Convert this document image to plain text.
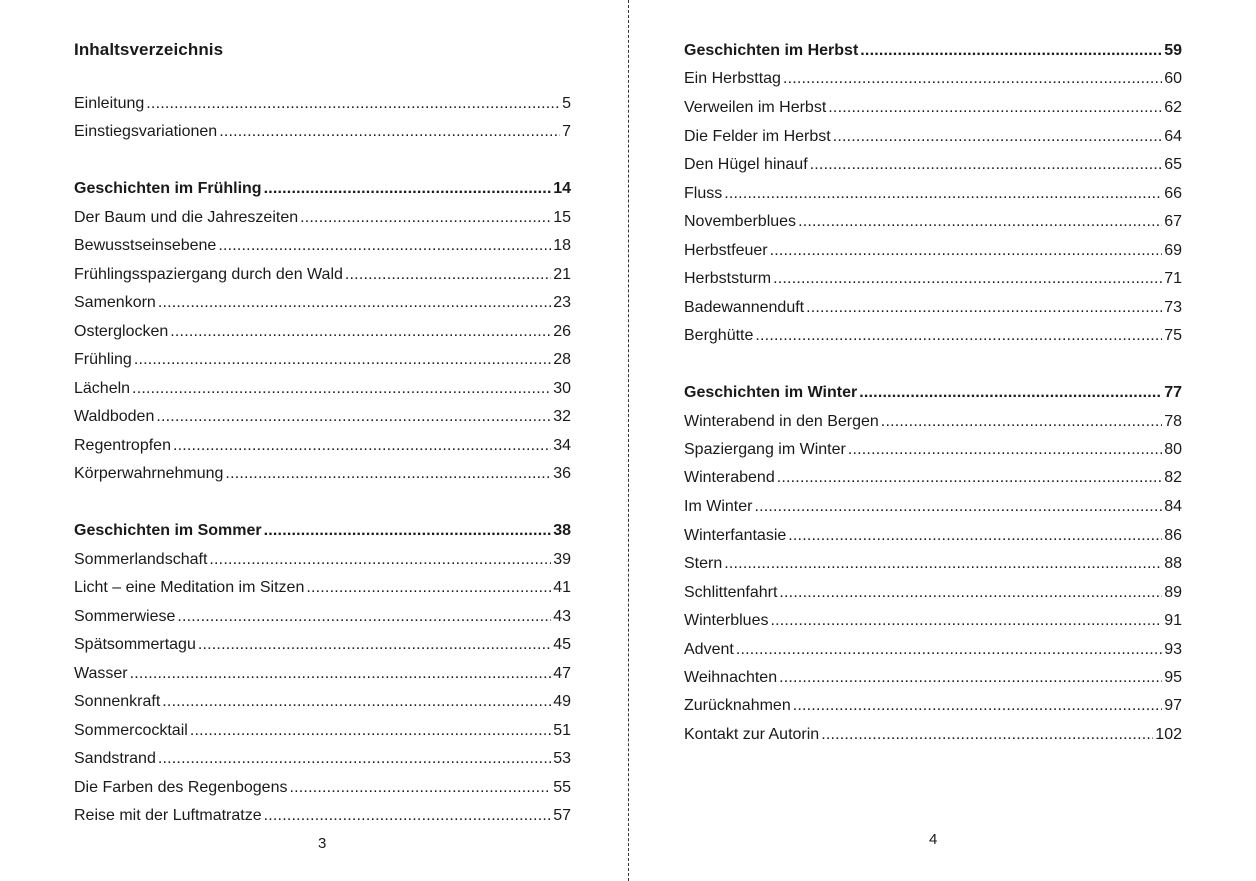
Inhaltsverzeichnis
Einleitung .....	5
Einstiegsvariationen .....	7
Geschichten im Frühling .....	14
Der Baum und die Jahreszeiten .....	15
Bewusstseinsebene .....	18
Frühlingsspaziergang durch den Wald .....	21
Samenkorn .....	23
Osterglocken .....	26
Frühling .....	28
Lächeln .....	30
Waldboden .....	32
Regentropfen .....	34
Körperwahrnehmung .....	36
Geschichten im Sommer .....	38
Sommerlandschaft .....	39
Licht – eine Meditation im Sitzen .....	41
Sommerwiese .....	43
Spätsommertagu .....	45
Wasser .....	47
Sonnenkraft .....	49
Sommercocktail .....	51
Sandstrand .....	53
Die Farben des Regenbogens .....	55
Reise mit der Luftmatratze .....	57
3
Geschichten im Herbst .....	59
Ein Herbsttag .....	60
Verweilen im Herbst .....	62
Die Felder im Herbst .....	64
Den Hügel hinauf .....	65
Fluss .....	66
Novemberblues .....	67
Herbstfeuer .....	69
Herbststurm .....	71
Badewannenduft .....	73
Berghütte .....	75
Geschichten im Winter .....	77
Winterabend in den Bergen .....	78
Spaziergang im Winter .....	80
Winterabend .....	82
Im Winter .....	84
Winterfantasie .....	86
Stern .....	88
Schlittenfahrt .....	89
Winterblues .....	91
Advent .....	93
Weihnachten .....	95
Zurücknahmen .....	97
Kontakt zur Autorin .....	102
4
